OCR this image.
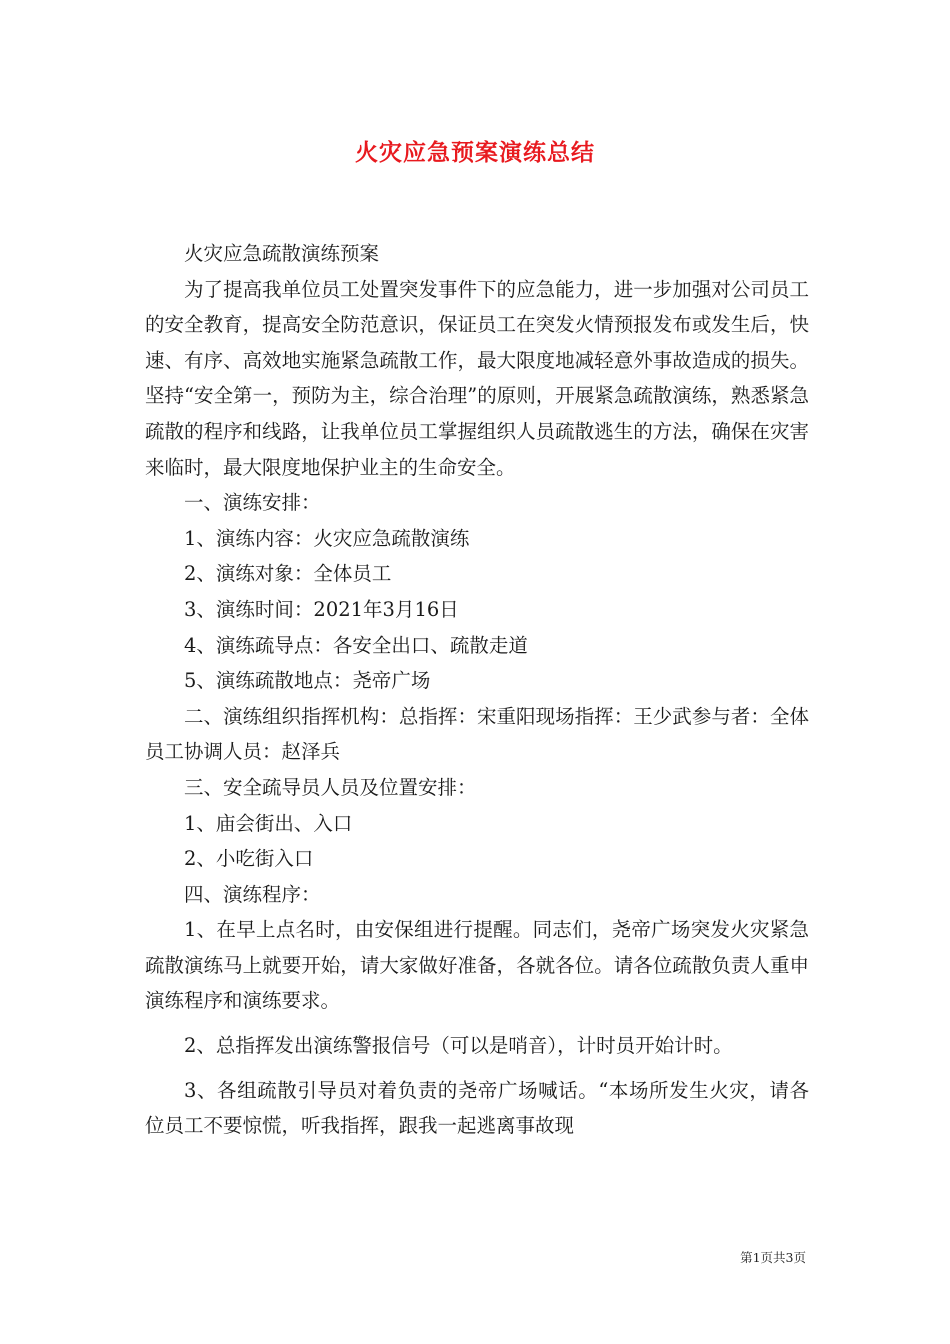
火灾应急预案演练总结

火灾应急疏散演练预案

为了提高我单位员工处置突发事件下的应急能力，进一步加强对公司员工的安全教育，提高安全防范意识，保证员工在突发火情预报发布或发生后，快速、有序、高效地实施紧急疏散工作，最大限度地减轻意外事故造成的损失。坚持“安全第一，预防为主，综合治理”的原则，开展紧急疏散演练，熟悉紧急疏散的程序和线路，让我单位员工掌握组织人员疏散逃生的方法，确保在灾害来临时，最大限度地保护业主的生命安全。

一、演练安排：

1、演练内容：火灾应急疏散演练

2、演练对象：全体员工

3、演练时间：2021年3月16日

4、演练疏导点：各安全出口、疏散走道

5、演练疏散地点：尧帝广场

二、演练组织指挥机构：总指挥：宋重阳现场指挥：王少武参与者：全体员工协调人员：赵泽兵

三、安全疏导员人员及位置安排：

1、庙会街出、入口

2、小吃街入口

四、演练程序：

1、在早上点名时，由安保组进行提醒。同志们，尧帝广场突发火灾紧急疏散演练马上就要开始，请大家做好准备，各就各位。请各位疏散负责人重申演练程序和演练要求。

2、总指挥发出演练警报信号（可以是哨音），计时员开始计时。

3、各组疏散引导员对着负责的尧帝广场喊话。“本场所发生火灾，请各位员工不要惊慌，听我指挥，跟我一起逃离事故现

第1页共3页
